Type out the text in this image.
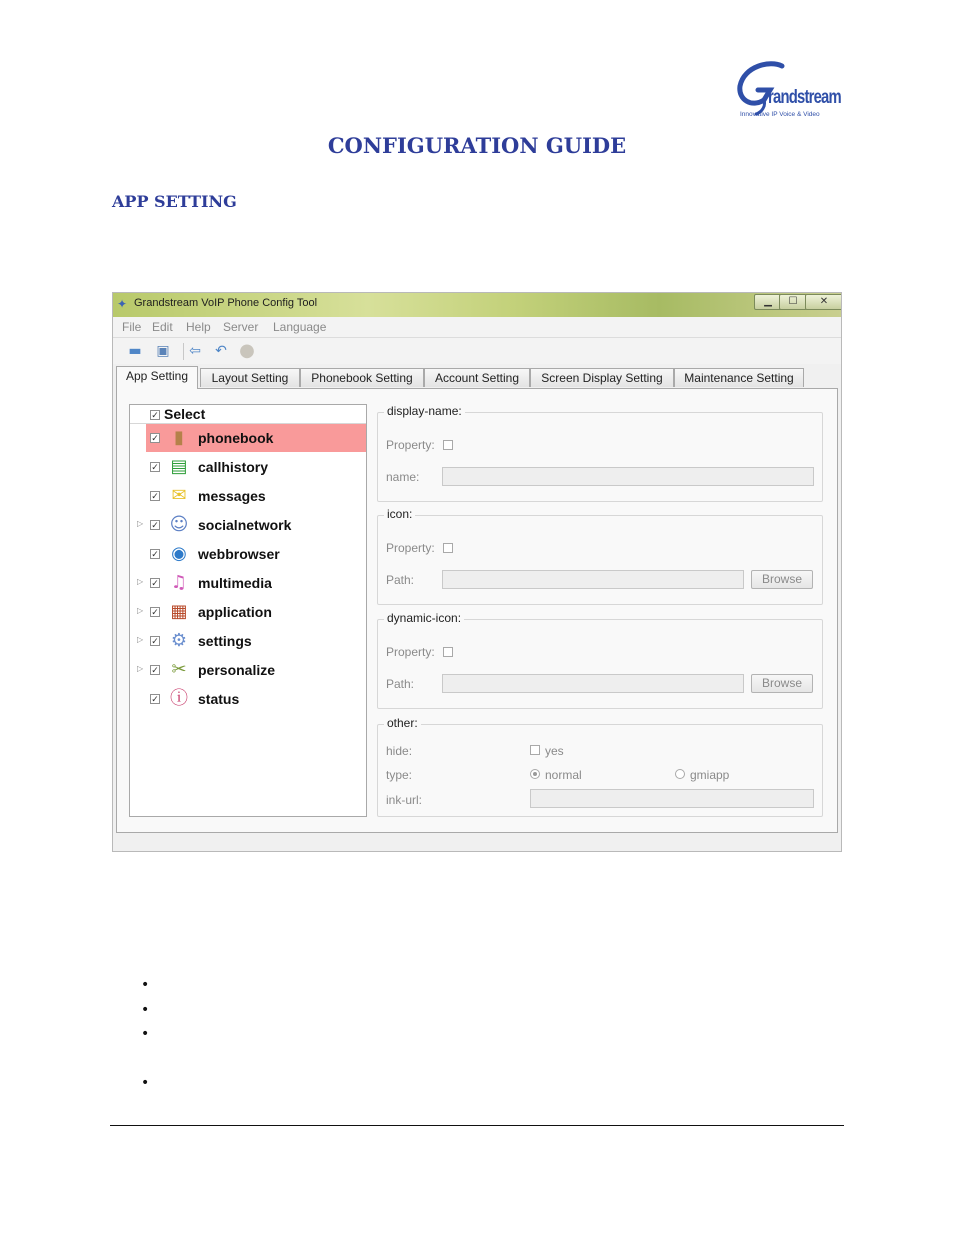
randstream
Innovative IP Voice & Video
CONFIGURATION GUIDE
APP SETTING
✦ Grandstream VoIP Phone Config Tool	▁	☐	✕
File Edit Help Server Language
▬ ▣ ⇦ ↶ ●
App Setting	Layout Setting	Phonebook Setting	Account Setting	Screen Display Setting	Maintenance Setting
✓ Select
✓ ▮	phonebook
✓ ▤ callhistory
✓ ✉ messages
▷ ✓ ☺ socialnetwork
✓ ◉ webbrowser
▷ ✓ ♫ multimedia
▷ ✓ ▦ application
▷ ✓ ⚙ settings
▷ ✓ ✂ personalize
✓ ⓘ status
display-name:
Property:
name:
icon:
Property:
Path:	Browse
dynamic-icon:
Property:
Path:	Browse
other:
hide:	yes
type:	normal	gmiapp
ink-url:
•
•
•
•
